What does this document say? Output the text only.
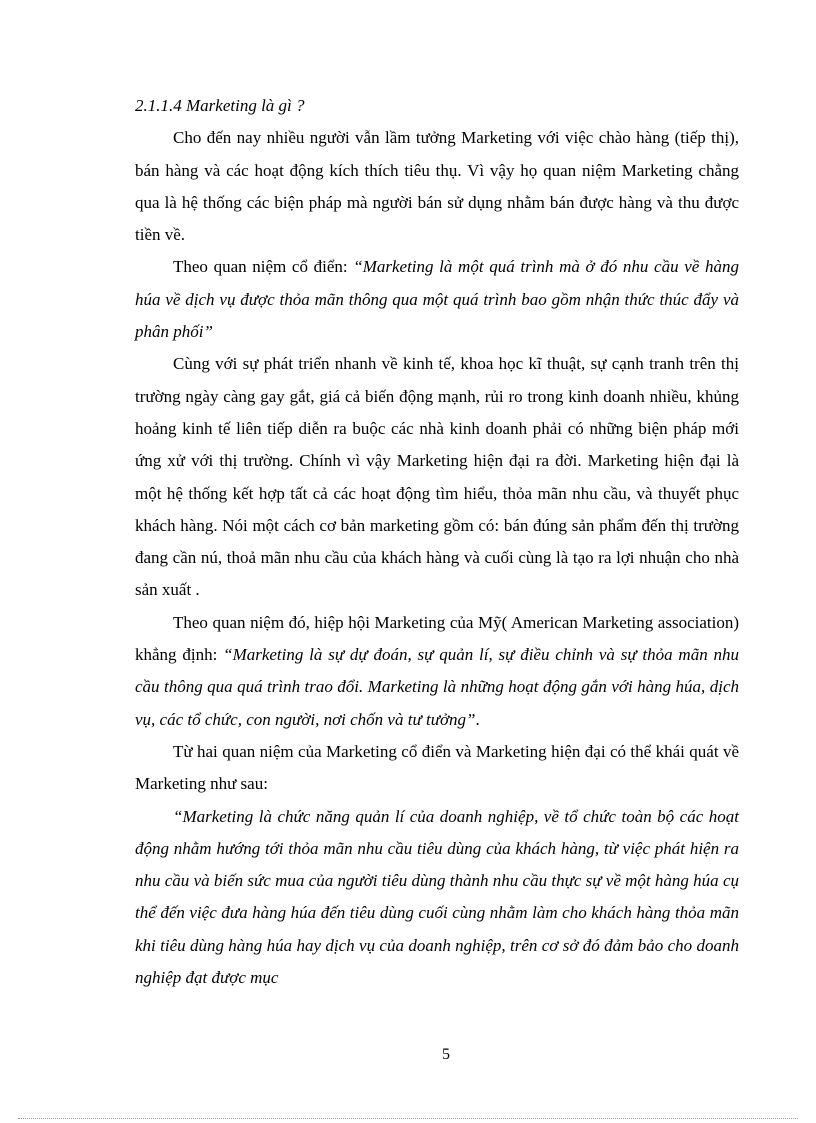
2.1.1.4 Marketing là gì ?

Cho đến nay nhiều người vẫn lầm tưởng Marketing với việc chào hàng (tiếp thị), bán hàng và các hoạt động kích thích tiêu thụ. Vì vậy họ quan niệm Marketing chẳng qua là hệ thống các biện pháp mà người bán sử dụng nhằm bán được hàng và thu được tiền về.

Theo quan niệm cổ điển: “Marketing là một quá trình mà ở đó nhu cầu về hàng húa về dịch vụ được thỏa mãn thông qua một quá trình bao gồm nhận thức thúc đẩy và phân phối”

Cùng với sự phát triển nhanh về kinh tế, khoa học kĩ thuật, sự cạnh tranh trên thị trường ngày càng gay gắt, giá cả biến động mạnh, rủi ro trong kinh doanh nhiều, khủng hoảng kinh tế liên tiếp diễn ra buộc các nhà kinh doanh phải có những biện pháp mới ứng xử với thị trường. Chính vì vậy Marketing hiện đại ra đời. Marketing hiện đại là một hệ thống kết hợp tất cả các hoạt động tìm hiểu, thỏa mãn nhu cầu, và thuyết phục khách hàng. Nói một cách cơ bản marketing gồm có: bán đúng sản phẩm đến thị trường đang cần nú, thoả mãn nhu cầu của khách hàng và cuối cùng là tạo ra lợi nhuận cho nhà sản xuất .

Theo quan niệm đó, hiệp hội Marketing của Mỹ( American Marketing association) khẳng định: “Marketing là sự dự đoán, sự quản lí, sự điều chỉnh và sự thỏa mãn nhu cầu thông qua quá trình trao đổi. Marketing là những hoạt động gắn với hàng húa, dịch vụ, các tổ chức, con người, nơi chốn và tư tưởng”.

Từ hai quan niệm của Marketing cổ điển và Marketing hiện đại có thể khái quát về Marketing như sau:

“Marketing là chức năng quản lí của doanh nghiệp, về tổ chức toàn bộ các hoạt động nhằm hướng tới thỏa mãn nhu cầu tiêu dùng của khách hàng, từ việc phát hiện ra nhu cầu và biến sức mua của người tiêu dùng thành nhu cầu thực sự về một hàng húa cụ thể đến việc đưa hàng húa đến tiêu dùng cuối cùng nhằm làm cho khách hàng thỏa mãn khi tiêu dùng hàng húa hay dịch vụ của doanh nghiệp, trên cơ sở đó đảm bảo cho doanh nghiệp đạt được mục

5
